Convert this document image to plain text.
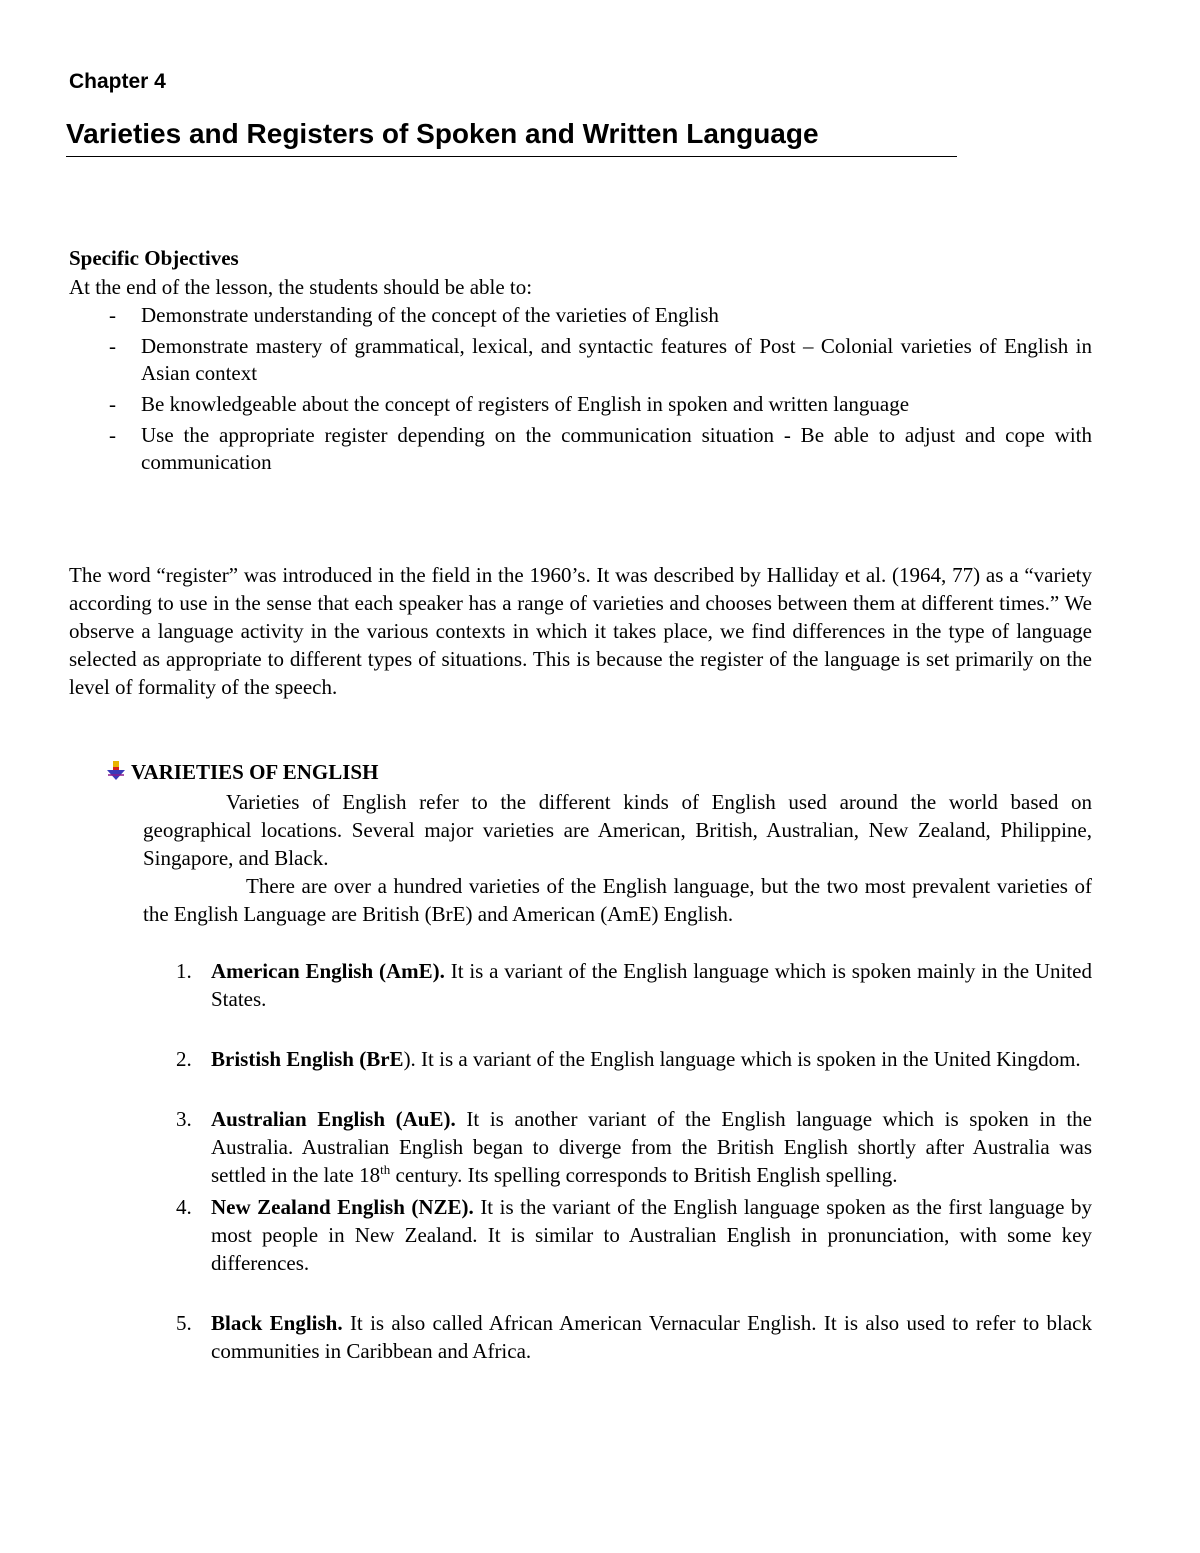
Chapter 4
Varieties and Registers of Spoken and Written Language

Specific Objectives

At the end of the lesson, the students should be able to:

- Demonstrate understanding of the concept of the varieties of English
- Demonstrate mastery of grammatical, lexical, and syntactic features of Post – Colonial varieties of English in Asian context
- Be knowledgeable about the concept of registers of English in spoken and written language
- Use the appropriate register depending on the communication situation - Be able to adjust and cope with communication

The word “register” was introduced in the field in the 1960’s. It was described by Halliday et al. (1964, 77) as a “variety according to use in the sense that each speaker has a range of varieties and chooses between them at different times.” We observe a language activity in the various contexts in which it takes place, we find differences in the type of language selected as appropriate to different types of situations. This is because the register of the language is set primarily on the level of formality of the speech.

VARIETIES OF ENGLISH

Varieties of English refer to the different kinds of English used around the world based on geographical locations. Several major varieties are American, British, Australian, New Zealand, Philippine, Singapore, and Black.

There are over a hundred varieties of the English language, but the two most prevalent varieties of the English Language are British (BrE) and American (AmE) English.

1. American English (AmE). It is a variant of the English language which is spoken mainly in the United States.
2. Bristish English (BrE). It is a variant of the English language which is spoken in the United Kingdom.
3. Australian English (AuE). It is another variant of the English language which is spoken in the Australia. Australian English began to diverge from the British English shortly after Australia was settled in the late 18th century. Its spelling corresponds to British English spelling.
4. New Zealand English (NZE). It is the variant of the English language spoken as the first language by most people in New Zealand. It is similar to Australian English in pronunciation, with some key differences.
5. Black English. It is also called African American Vernacular English. It is also used to refer to black communities in Caribbean and Africa.
